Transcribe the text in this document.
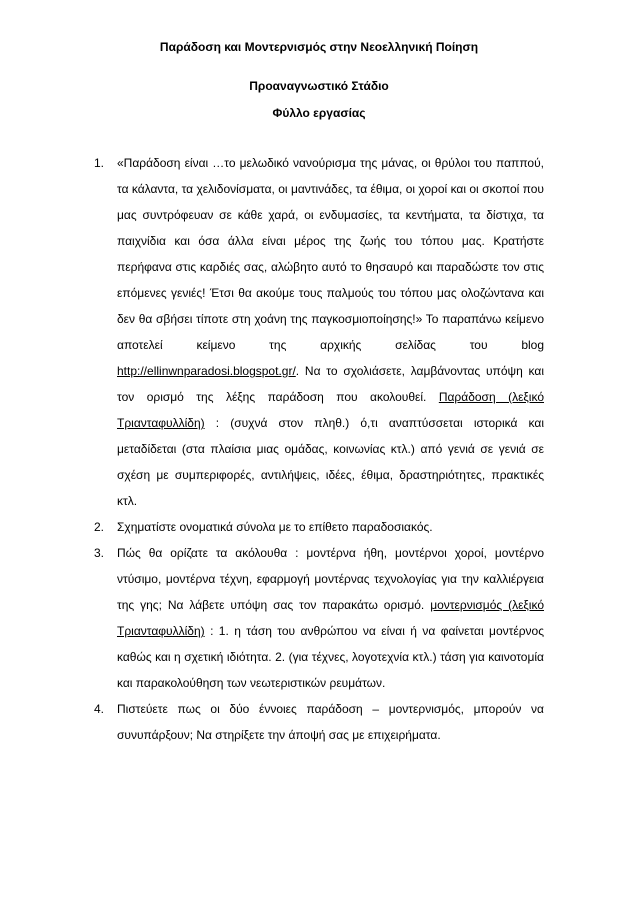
Παράδοση και Μοντερνισμός στην Νεοελληνική Ποίηση
Προαναγνωστικό Στάδιο
Φύλλο εργασίας
1.	«Παράδοση είναι …το μελωδικό νανούρισμα της μάνας, οι θρύλοι του παππού, τα κάλαντα, τα χελιδονίσματα, οι μαντινάδες, τα έθιμα, οι χοροί και οι σκοποί που μας συντρόφευαν σε κάθε χαρά, οι ενδυμασίες, τα κεντήματα, τα δίστιχα, τα παιχνίδια και όσα άλλα είναι μέρος της ζωής του τόπου μας. Κρατήστε περήφανα στις καρδιές σας, αλώβητο αυτό το θησαυρό και παραδώστε τον στις επόμενες γενιές! Έτσι θα ακούμε τους παλμούς του τόπου μας ολοζώντανα και δεν θα σβήσει τίποτε στη χοάνη της παγκοσμιοποίησης!» Το παραπάνω κείμενο αποτελεί κείμενο της αρχικής σελίδας του blog http://ellinwnparadosi.blogspot.gr/. Να το σχολιάσετε, λαμβάνοντας υπόψη και τον ορισμό της λέξης παράδοση που ακολουθεί. Παράδοση (λεξικό Τριανταφυλλίδη) : (συχνά στον πληθ.) ό,τι αναπτύσσεται ιστορικά και μεταδίδεται (στα πλαίσια μιας ομάδας, κοινωνίας κτλ.) από γενιά σε γενιά σε σχέση με συμπεριφορές, αντιλήψεις, ιδέες, έθιμα, δραστηριότητες, πρακτικές κτλ.
2.	Σχηματίστε ονοματικά σύνολα με το επίθετο παραδοσιακός.
3.	Πώς θα ορίζατε τα ακόλουθα : μοντέρνα ήθη, μοντέρνοι χοροί, μοντέρνο ντύσιμο, μοντέρνα τέχνη, εφαρμογή μοντέρνας τεχνολογίας για την καλλιέργεια της γης; Να λάβετε υπόψη σας τον παρακάτω ορισμό. μοντερνισμός (λεξικό Τριανταφυλλίδη) : 1. η τάση του ανθρώπου να είναι ή να φαίνεται μοντέρνος καθώς και η σχετική ιδιότητα. 2. (για τέχνες, λογοτεχνία κτλ.) τάση για καινοτομία και παρακολούθηση των νεωτεριστικών ρευμάτων.
4.	Πιστεύετε πως οι δύο έννοιες παράδοση – μοντερνισμός, μπορούν να συνυπάρξουν; Να στηρίξετε την άποψή σας με επιχειρήματα.
